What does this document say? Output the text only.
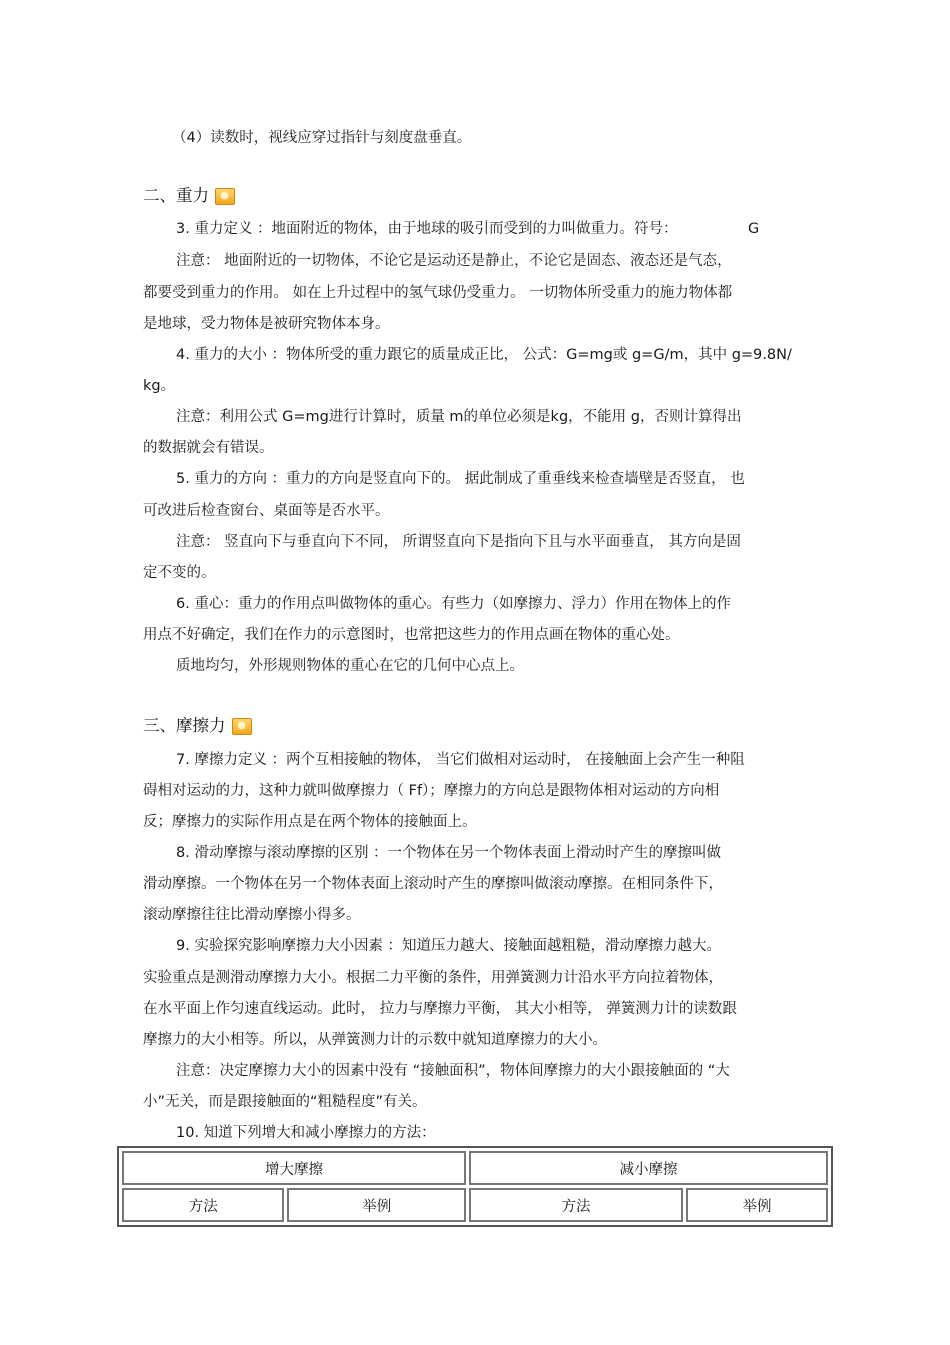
（4）读数时，视线应穿过指针与刻度盘垂直。
二、重力
3. 重力定义 ：地面附近的物体，由于地球的吸引而受到的力叫做重力。符号：	G
注意： 地面附近的一切物体，不论它是运动还是静止，不论它是固态、液态还是气态，
都要受到重力的作用。 如在上升过程中的氢气球仍受重力。 一切物体所受重力的施力物体都
是地球，受力物体是被研究物体本身。
4. 重力的大小 ：物体所受的重力跟它的质量成正比， 公式：G=mg或 g=G/m，其中 g=9.8N/
kg。
注意：利用公式 G=mg进行计算时，质量 m的单位必须是kg，不能用 g，否则计算得出
的数据就会有错误。
5. 重力的方向 ：重力的方向是竖直向下的。 据此制成了重垂线来检查墙壁是否竖直， 也
可改进后检查窗台、桌面等是否水平。
注意： 竖直向下与垂直向下不同， 所谓竖直向下是指向下且与水平面垂直， 其方向是固
定不变的。
6. 重心：重力的作用点叫做物体的重心。有些力（如摩擦力、浮力）作用在物体上的作
用点不好确定，我们在作力的示意图时，也常把这些力的作用点画在物体的重心处。
质地均匀，外形规则物体的重心在它的几何中心点上。
三、摩擦力
7. 摩擦力定义 ：两个互相接触的物体， 当它们做相对运动时， 在接触面上会产生一种阻
碍相对运动的力，这种力就叫做摩擦力（ Ff）；摩擦力的方向总是跟物体相对运动的方向相
反；摩擦力的实际作用点是在两个物体的接触面上。
8. 滑动摩擦与滚动摩擦的区别 ：一个物体在另一个物体表面上滑动时产生的摩擦叫做
滑动摩擦。一个物体在另一个物体表面上滚动时产生的摩擦叫做滚动摩擦。在相同条件下，
滚动摩擦往往比滑动摩擦小得多。
9. 实验探究影响摩擦力大小因素 ：知道压力越大、接触面越粗糙，滑动摩擦力越大。
实验重点是测滑动摩擦力大小。根据二力平衡的条件，用弹簧测力计沿水平方向拉着物体，
在水平面上作匀速直线运动。此时， 拉力与摩擦力平衡， 其大小相等， 弹簧测力计的读数跟
摩擦力的大小相等。所以，从弹簧测力计的示数中就知道摩擦力的大小。
注意：决定摩擦力大小的因素中没有 “接触面积”，物体间摩擦力的大小跟接触面的 “大
小”无关，而是跟接触面的“粗糙程度”有关。
10. 知道下列增大和减小摩擦力的方法：
增大摩擦		减小摩擦	
方法	举例	方法	举例
